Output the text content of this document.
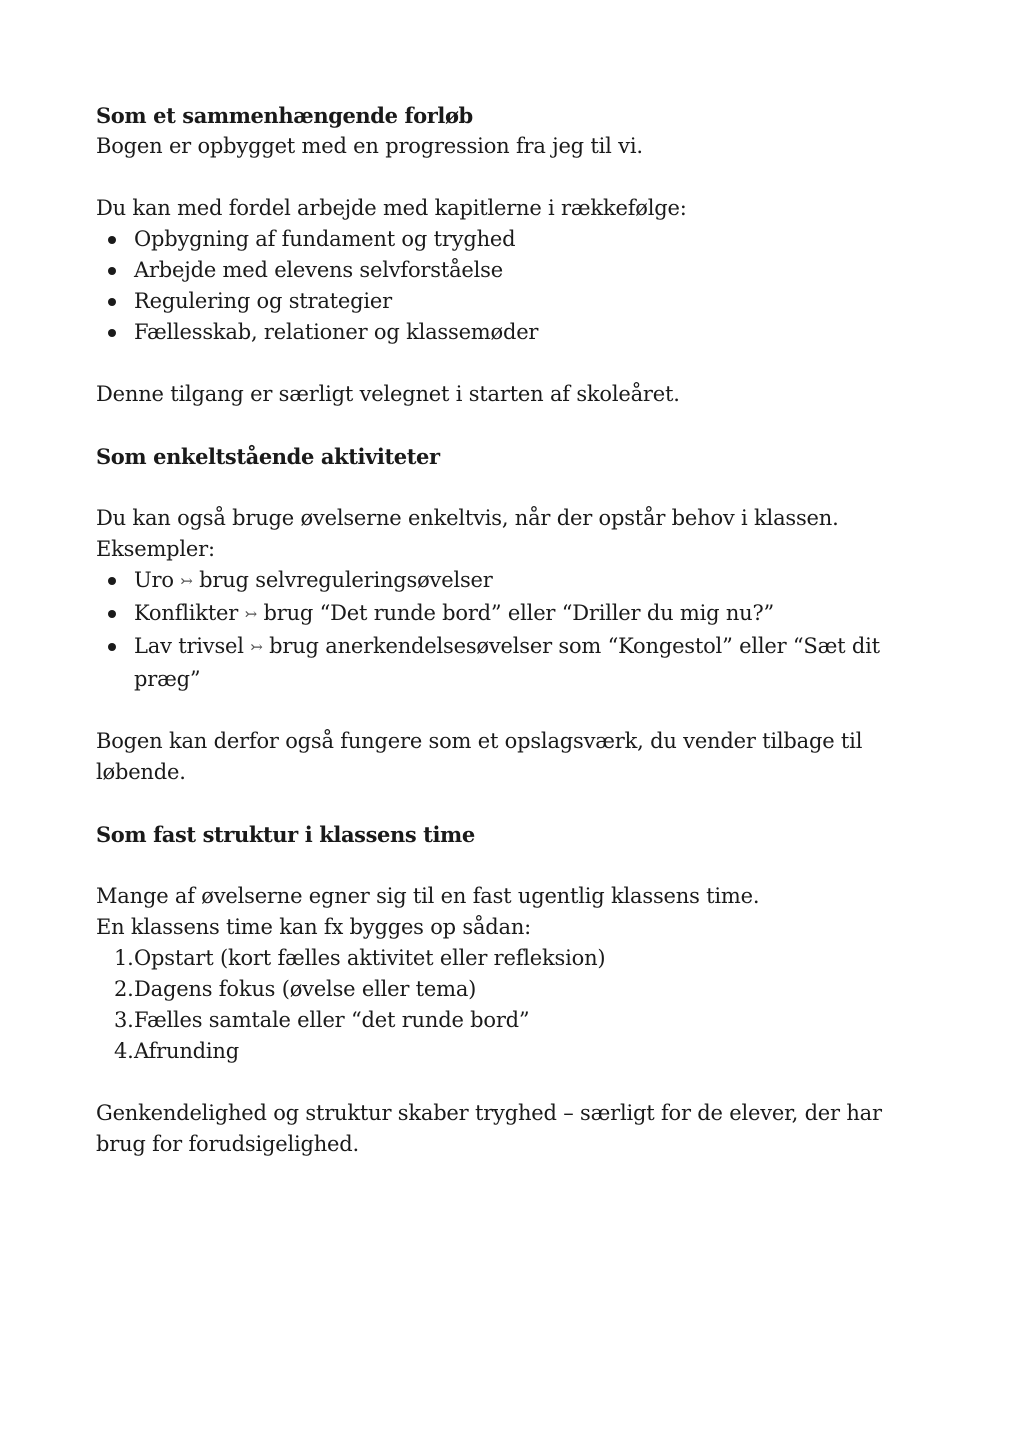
Som et sammenhængende forløb

Bogen er opbygget med en progression fra jeg til vi.

Du kan med fordel arbejde med kapitlerne i rækkefølge:

Opbygning af fundament og tryghed
Arbejde med elevens selvforståelse
Regulering og strategier
Fællesskab, relationer og klassemøder

Denne tilgang er særligt velegnet i starten af skoleåret.

Som enkeltstående aktiviteter

Du kan også bruge øvelserne enkeltvis, når der opstår behov i klassen.

Eksempler:

Uro ↣ brug selvreguleringsøvelser
Konflikter ↣ brug “Det runde bord” eller “Driller du mig nu?”
Lav trivsel ↣ brug anerkendelsesøvelser som “Kongestol” eller “Sæt dit præg”

Bogen kan derfor også fungere som et opslagsværk, du vender tilbage til løbende.

Som fast struktur i klassens time

Mange af øvelserne egner sig til en fast ugentlig klassens time.

En klassens time kan fx bygges op sådan:

1. Opstart (kort fælles aktivitet eller refleksion)
2. Dagens fokus (øvelse eller tema)
3. Fælles samtale eller “det runde bord”
4. Afrunding

Genkendelighed og struktur skaber tryghed – særligt for de elever, der har brug for forudsigelighed.
